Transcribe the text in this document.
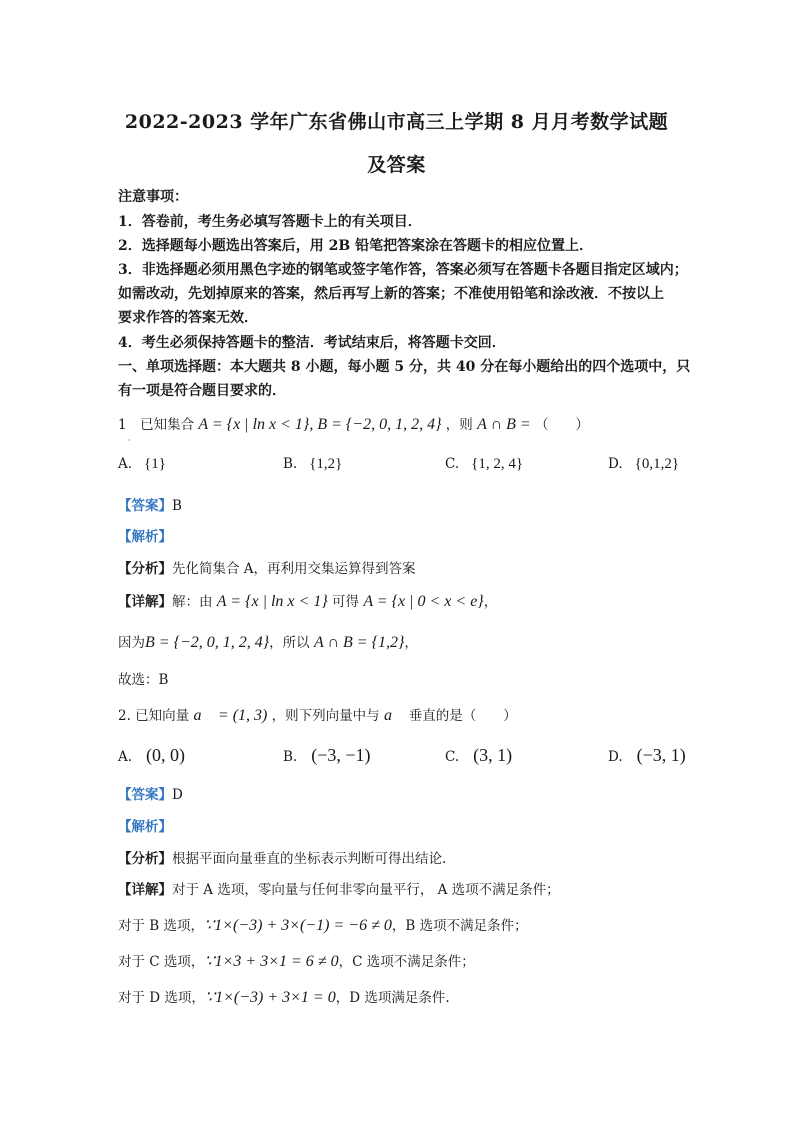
2022-2023 学年广东省佛山市高三上学期 8 月月考数学试题
及答案
注意事项：
1．答卷前，考生务必填写答题卡上的有关项目．
2．选择题每小题选出答案后，用 2B 铅笔把答案涂在答题卡的相应位置上．
3．非选择题必须用黑色字迹的钢笔或签字笔作答，答案必须写在答题卡各题目指定区域内；
如需改动，先划掉原来的答案，然后再写上新的答案；不准使用铅笔和涂改液．不按以上
要求作答的答案无效．
4．考生必须保持答题卡的整洁．考试结束后，将答题卡交回．
一、单项选择题：本大题共 8 小题，每小题 5 分，共 40 分在每小题给出的四个选项中，只
有一项是符合题目要求的．
1　已知集合 A = {x | ln x < 1}, B = {−2, 0, 1, 2, 4} ，则 A ∩ B = （　　）
·
A. {1}	B. {1,2}	C. {1, 2, 4}	D. {0,1,2}
【答案】B
【解析】
【分析】先化简集合 A，再利用交集运算得到答案
【详解】解：由 A = {x | ln x < 1} 可得 A = {x | 0 < x < e}，
因为B = {−2, 0, 1, 2, 4}，所以 A ∩ B = {1,2}，
故选：B
2. 已知向量 a⃗ = (1, 3) ，则下列向量中与 a⃗ 垂直的是（　　）
A. (0, 0)	B. (−3, −1)	C. (3, 1)	D. (−3, 1)
【答案】D
【解析】
【分析】根据平面向量垂直的坐标表示判断可得出结论.
【详解】对于 A 选项，零向量与任何非零向量平行， A 选项不满足条件；
对于 B 选项，∵1×(−3) + 3×(−1) = −6 ≠ 0，B 选项不满足条件；
对于 C 选项，∵1×3 + 3×1 = 6 ≠ 0，C 选项不满足条件；
对于 D 选项，∵1×(−3) + 3×1 = 0，D 选项满足条件.
